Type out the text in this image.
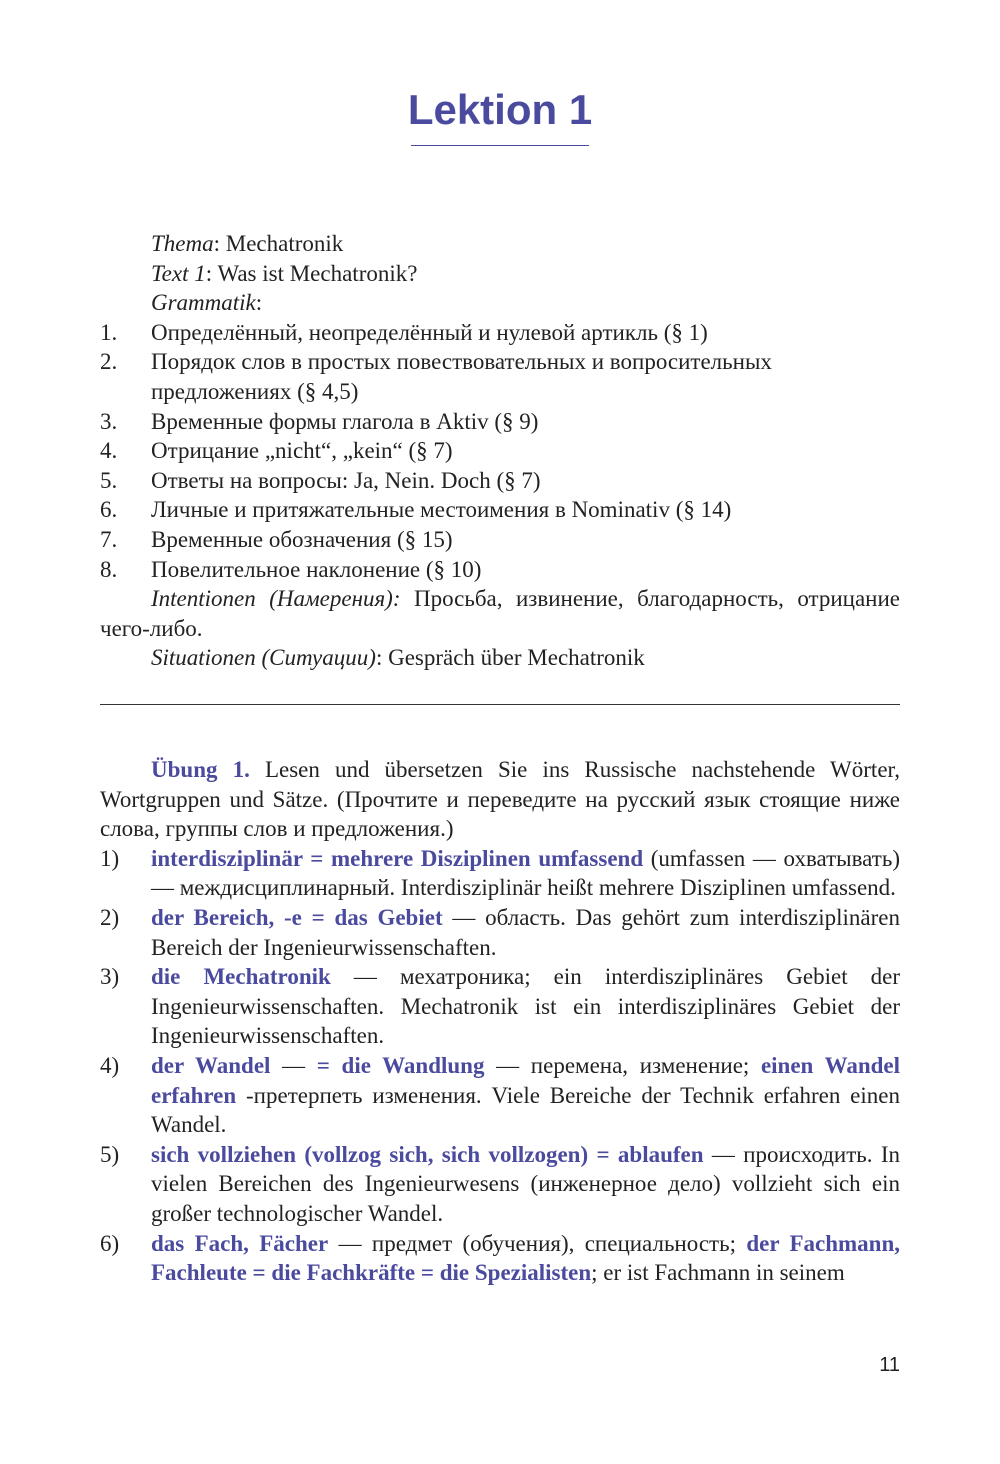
Lektion 1
Thema: Mechatronik
Text 1: Was ist Mechatronik?
Grammatik:
1.	Определённый, неопределённый и нулевой артикль (§ 1)
2.	Порядок слов в простых повествовательных и вопросительных предложениях (§ 4,5)
3.	Временные формы глагола в Aktiv (§ 9)
4.	Отрицание „nicht“, „kein“ (§ 7)
5.	Ответы на вопросы: Ja, Nein. Doch (§ 7)
6.	Личные и притяжательные местоимения в Nominativ (§ 14)
7.	Временные обозначения (§ 15)
8.	Повелительное наклонение (§ 10)
Intentionen (Намерения): Просьба, извинение, благодарность, отрицание чего-либо.
Situationen (Ситуации): Gespräch über Mechatronik

Übung 1. Lesen und übersetzen Sie ins Russische nachstehende Wörter, Wortgruppen und Sätze. (Прочтите и переведите на русский язык стоящие ниже слова, группы слов и предложения.)

1)	interdisziplinär = mehrere Disziplinen umfassend (umfassen — охватывать) — междисциплинарный. Interdisziplinär heißt mehrere Disziplinen umfassend.
2)	der Bereich, -e = das Gebiet — область. Das gehört zum interdisziplinären Bereich der Ingenieurwissenschaften.
3)	die Mechatronik — мехатроника; ein interdisziplinäres Gebiet der Ingenieurwissenschaften. Mechatronik ist ein interdisziplinäres Gebiet der Ingenieurwissenschaften.
4)	der Wandel — = die Wandlung — перемена, изменение; einen Wandel erfahren -претерпеть изменения. Viele Bereiche der Technik erfahren einen Wandel.
5)	sich vollziehen (vollzog sich, sich vollzogen) = ablaufen — происходить. In vielen Bereichen des Ingenieurwesens (инженерное дело) vollzieht sich ein großer technologischer Wandel.
6)	das Fach, Fächer — предмет (обучения), специальность; der Fachmann, Fachleute = die Fachkräfte = die Spezialisten; er ist Fachmann in seinem
11
